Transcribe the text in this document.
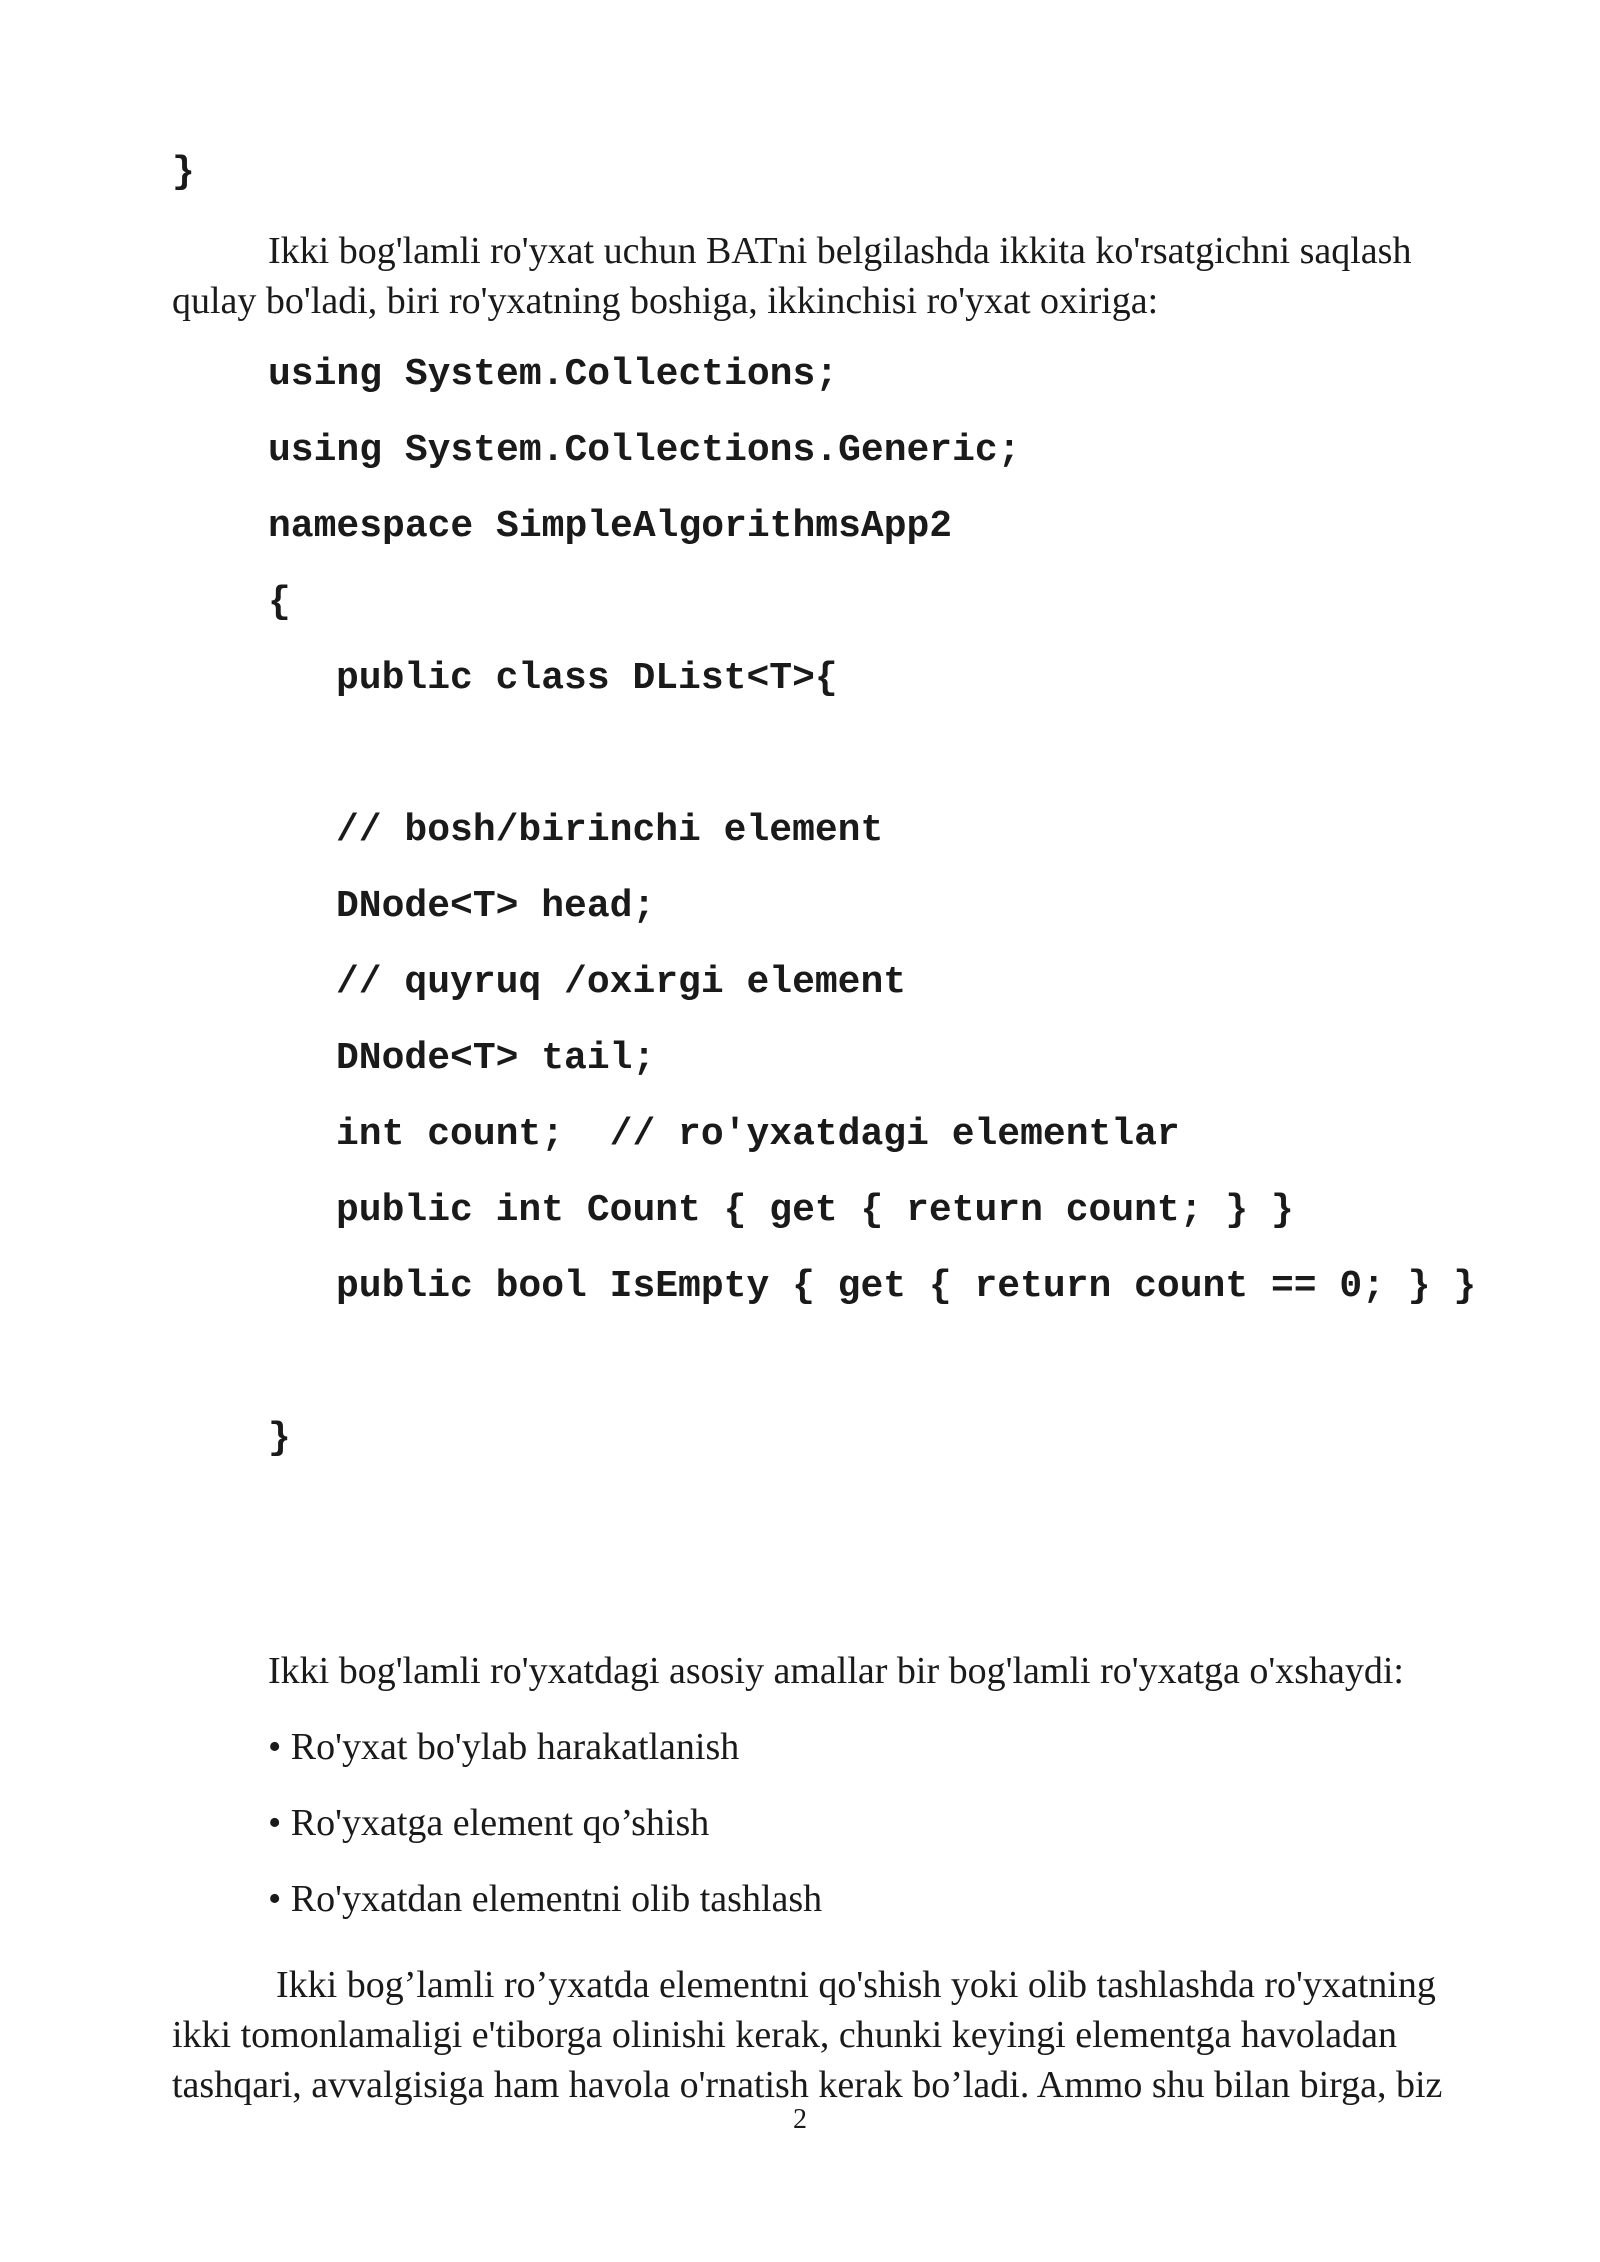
}
Ikki bog'lamli ro'yxat uchun BATni belgilashda ikkita ko'rsatgichni saqlash qulay bo'ladi, biri ro'yxatning boshiga, ikkinchisi ro'yxat oxiriga:
using System.Collections;
using System.Collections.Generic;
namespace SimpleAlgorithmsApp2
{
public class DList<T>{
// bosh/birinchi element
DNode<T> head;
// quyruq /oxirgi element
DNode<T> tail;
int count;  // ro'yxatdagi elementlar
public int Count { get { return count; } }
public bool IsEmpty { get { return count == 0; } }
}
Ikki bog'lamli ro'yxatdagi asosiy amallar bir bog'lamli ro'yxatga o'xshaydi:
• Ro'yxat bo'ylab harakatlanish
• Ro'yxatga element qo’shish
• Ro'yxatdan elementni olib tashlash
Ikki bog’lamli ro’yxatda elementni qo'shish yoki olib tashlashda ro'yxatning ikki tomonlamaligi e'tiborga olinishi kerak, chunki keyingi elementga havoladan tashqari, avvalgisiga ham havola o'rnatish kerak bo’ladi. Ammo shu bilan birga, biz
2
